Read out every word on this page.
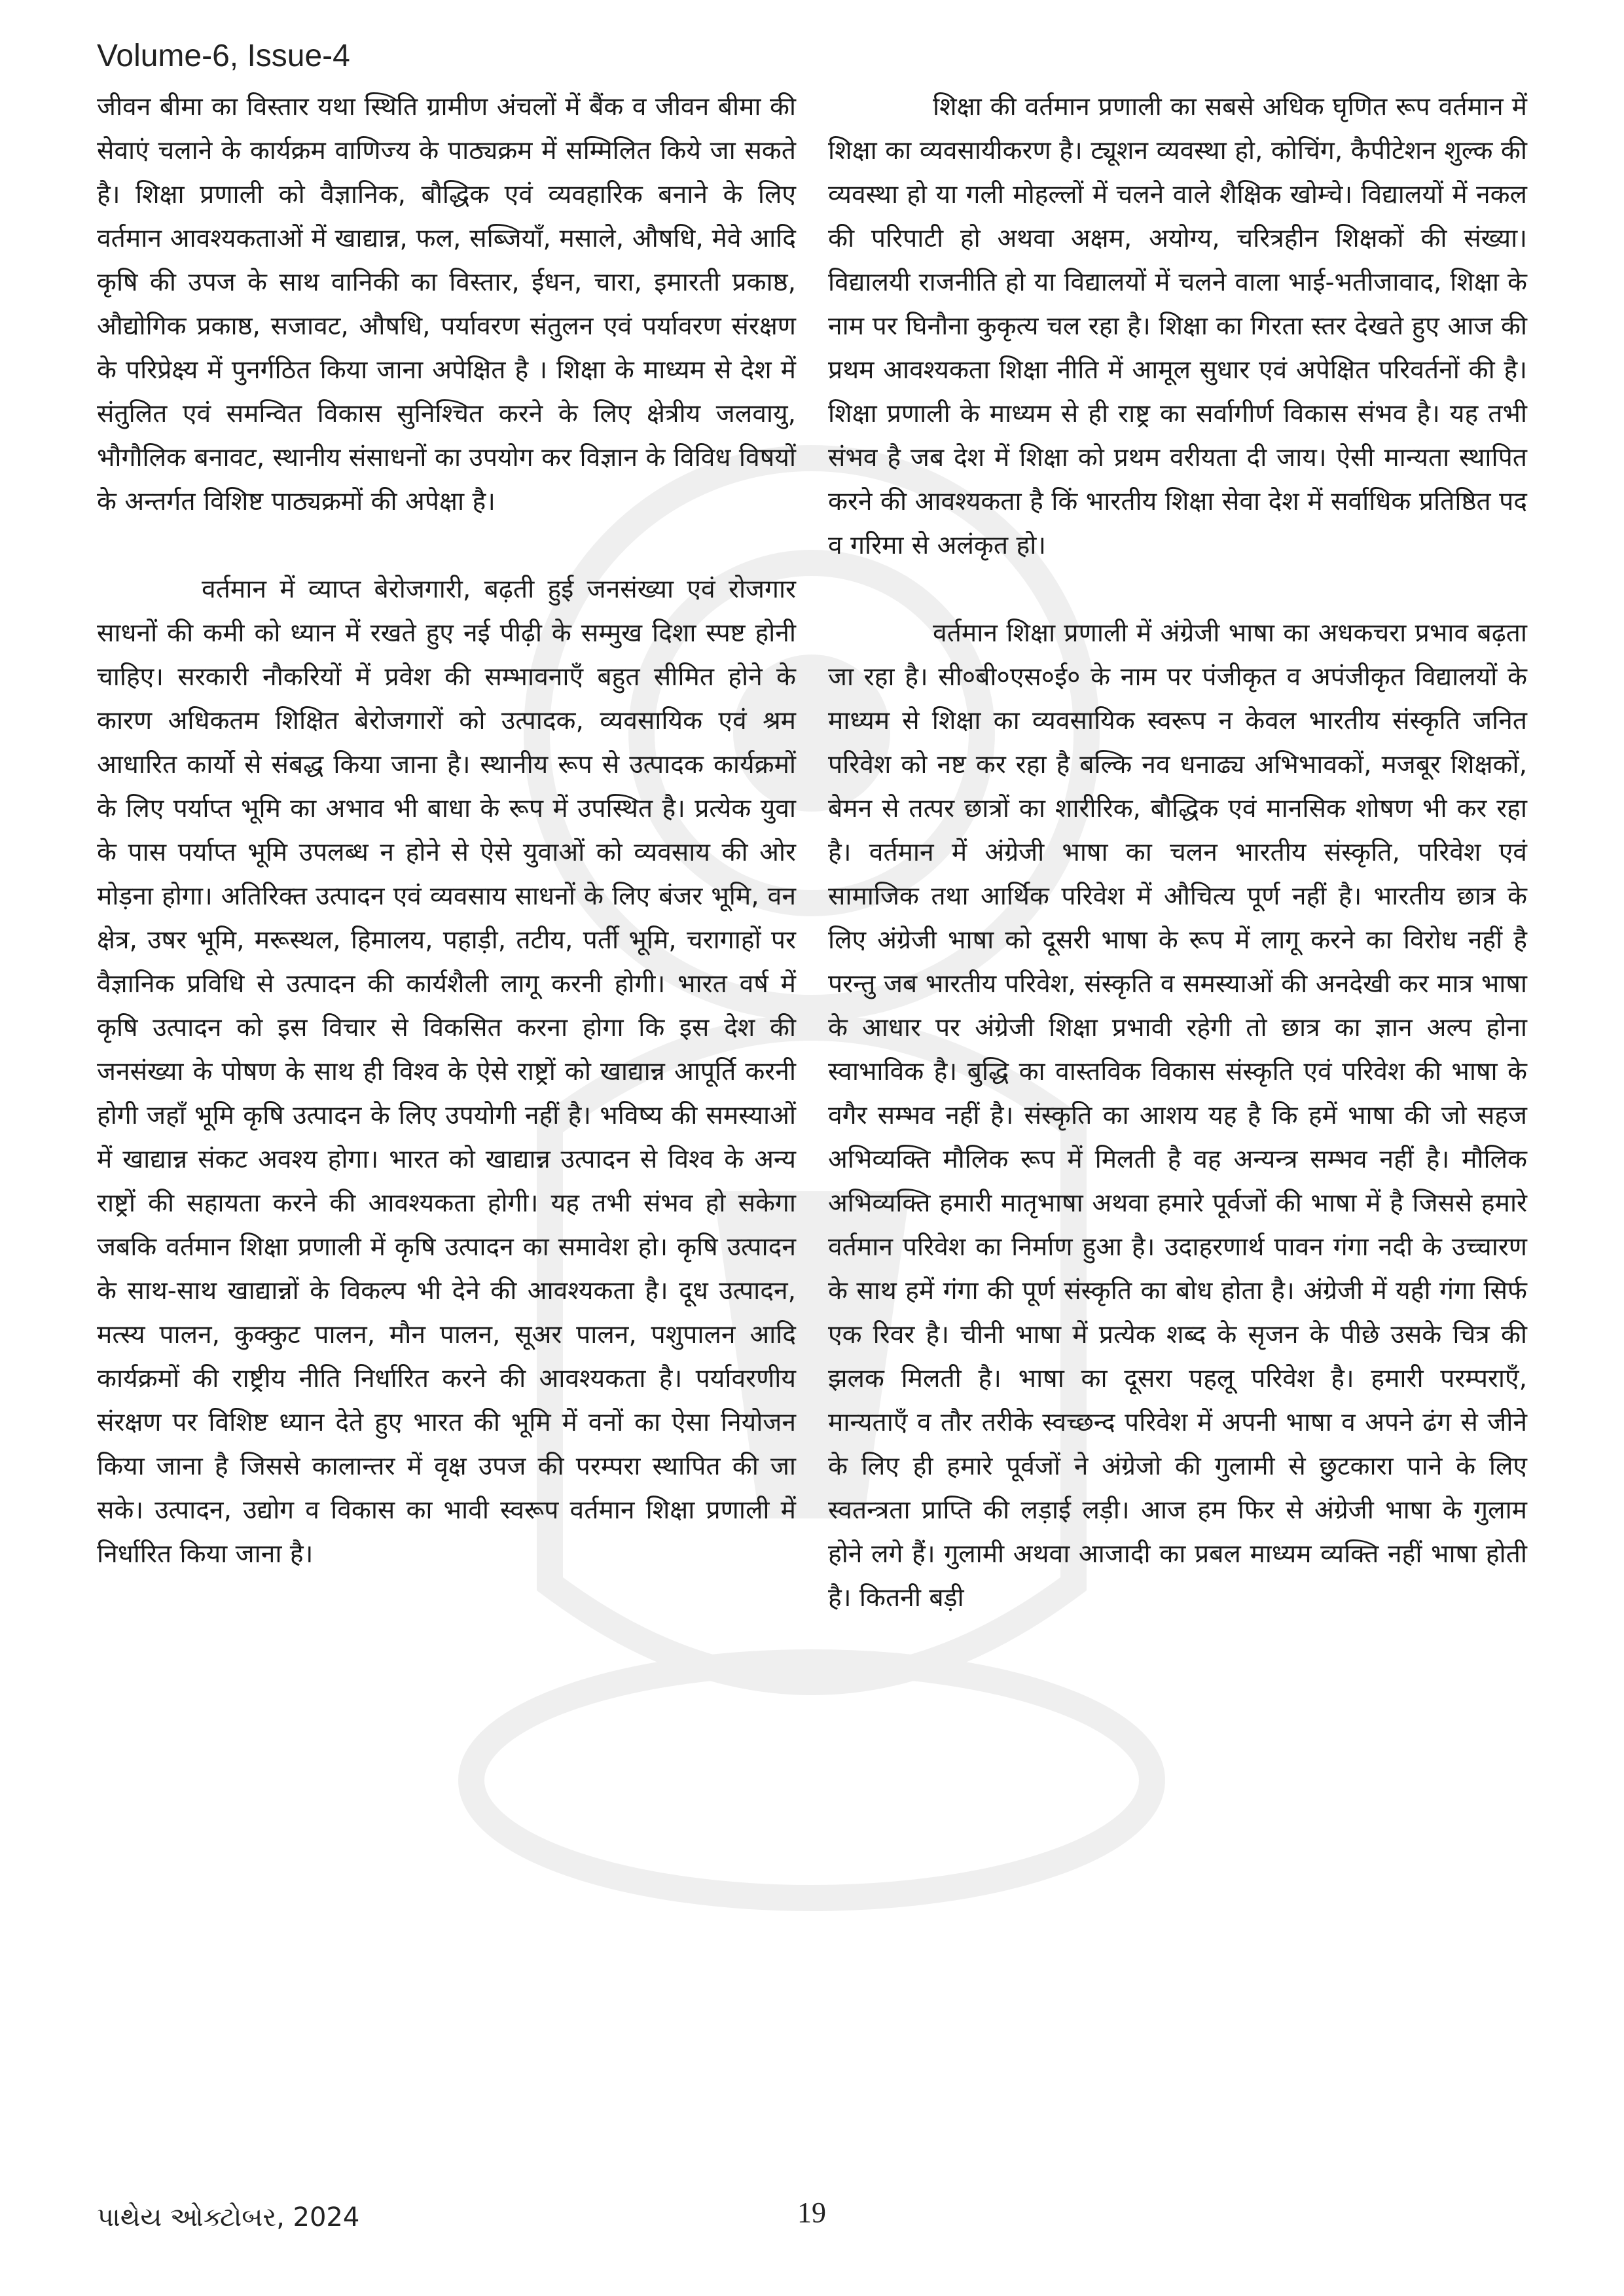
Volume-6, Issue-4

जीवन बीमा का विस्तार यथा स्थिति ग्रामीण अंचलों में बैंक व जीवन बीमा की सेवाएं चलाने के कार्यक्रम वाणिज्य के पाठ्यक्रम में सम्मिलित किये जा सकते है। शिक्षा प्रणाली को वैज्ञानिक, बौद्धिक एवं व्यवहारिक बनाने के लिए वर्तमान आवश्यकताओं में खाद्यान्न, फल, सब्जियाँ, मसाले, औषधि, मेवे आदि कृषि की उपज के साथ वानिकी का विस्तार, ईधन, चारा, इमारती प्रकाष्ठ, औद्योगिक प्रकाष्ठ, सजावट, औषधि, पर्यावरण संतुलन एवं पर्यावरण संरक्षण के परिप्रेक्ष्य में पुनर्गठित किया जाना अपेक्षित है । शिक्षा के माध्यम से देश में संतुलित एवं समन्वित विकास सुनिश्चित करने के लिए क्षेत्रीय जलवायु, भौगौलिक बनावट, स्थानीय संसाधनों का उपयोग कर विज्ञान के विविध विषयों के अन्तर्गत विशिष्ट पाठ्यक्रमों की अपेक्षा है।

वर्तमान में व्याप्त बेरोजगारी, बढ़ती हुई जनसंख्या एवं रोजगार साधनों की कमी को ध्यान में रखते हुए नई पीढ़ी के सम्मुख दिशा स्पष्ट होनी चाहिए। सरकारी नौकरियों में प्रवेश की सम्भावनाएँ बहुत सीमित होने के कारण अधिकतम शिक्षित बेरोजगारों को उत्पादक, व्यवसायिक एवं श्रम आधारित कार्यो से संबद्ध किया जाना है। स्थानीय रूप से उत्पादक कार्यक्रमों के लिए पर्याप्त भूमि का अभाव भी बाधा के रूप में उपस्थित है। प्रत्येक युवा के पास पर्याप्त भूमि उपलब्ध न होने से ऐसे युवाओं को व्यवसाय की ओर मोड़ना होगा। अतिरिक्त उत्पादन एवं व्यवसाय साधनों के लिए बंजर भूमि, वन क्षेत्र, उषर भूमि, मरूस्थल, हिमालय, पहाड़ी, तटीय, पर्ती भूमि, चरागाहों पर वैज्ञानिक प्रविधि से उत्पादन की कार्यशैली लागू करनी होगी। भारत वर्ष में कृषि उत्पादन को इस विचार से विकसित करना होगा कि इस देश की जनसंख्या के पोषण के साथ ही विश्व के ऐसे राष्ट्रों को खाद्यान्न आपूर्ति करनी होगी जहाँ भूमि कृषि उत्पादन के लिए उपयोगी नहीं है। भविष्य की समस्याओं में खाद्यान्न संकट अवश्य होगा। भारत को खाद्यान्न उत्पादन से विश्व के अन्य राष्ट्रों की सहायता करने की आवश्यकता होगी। यह तभी संभव हो सकेगा जबकि वर्तमान शिक्षा प्रणाली में कृषि उत्पादन का समावेश हो। कृषि उत्पादन के साथ-साथ खाद्यान्नों के विकल्प भी देने की आवश्यकता है। दूध उत्पादन, मत्स्य पालन, कुक्कुट पालन, मौन पालन, सूअर पालन, पशुपालन आदि कार्यक्रमों की राष्ट्रीय नीति निर्धारित करने की आवश्यकता है। पर्यावरणीय संरक्षण पर विशिष्ट ध्यान देते हुए भारत की भूमि में वनों का ऐसा नियोजन किया जाना है जिससे कालान्तर में वृक्ष उपज की परम्परा स्थापित की जा सके। उत्पादन, उद्योग व विकास का भावी स्वरूप वर्तमान शिक्षा प्रणाली में निर्धारित किया जाना है।

शिक्षा की वर्तमान प्रणाली का सबसे अधिक घृणित रूप वर्तमान में शिक्षा का व्यवसायीकरण है। ट्यूशन व्यवस्था हो, कोचिंग, कैपीटेशन शुल्क की व्यवस्था हो या गली मोहल्लों में चलने वाले शैक्षिक खोम्चे। विद्यालयों में नकल की परिपाटी हो अथवा अक्षम, अयोग्य, चरित्रहीन शिक्षकों की संख्या। विद्यालयी राजनीति हो या विद्यालयों में चलने वाला भाई-भतीजावाद, शिक्षा के नाम पर घिनौना कुकृत्य चल रहा है। शिक्षा का गिरता स्तर देखते हुए आज की प्रथम आवश्यकता शिक्षा नीति में आमूल सुधार एवं अपेक्षित परिवर्तनों की है। शिक्षा प्रणाली के माध्यम से ही राष्ट्र का सर्वागीर्ण विकास संभव है। यह तभी संभव है जब देश में शिक्षा को प्रथम वरीयता दी जाय। ऐसी मान्यता स्थापित करने की आवश्यकता है किं भारतीय शिक्षा सेवा देश में सर्वाधिक प्रतिष्ठित पद व गरिमा से अलंकृत हो।

वर्तमान शिक्षा प्रणाली में अंग्रेजी भाषा का अधकचरा प्रभाव बढ़ता जा रहा है। सी०बी०एस०ई० के नाम पर पंजीकृत व अपंजीकृत विद्यालयों के माध्यम से शिक्षा का व्यवसायिक स्वरूप न केवल भारतीय संस्कृति जनित परिवेश को नष्ट कर रहा है बल्कि नव धनाढ्य अभिभावकों, मजबूर शिक्षकों, बेमन से तत्पर छात्रों का शारीरिक, बौद्धिक एवं मानसिक शोषण भी कर रहा है। वर्तमान में अंग्रेजी भाषा का चलन भारतीय संस्कृति, परिवेश एवं सामाजिक तथा आर्थिक परिवेश में औचित्य पूर्ण नहीं है। भारतीय छात्र के लिए अंग्रेजी भाषा को दूसरी भाषा के रूप में लागू करने का विरोध नहीं है परन्तु जब भारतीय परिवेश, संस्कृति व समस्याओं की अनदेखी कर मात्र भाषा के आधार पर अंग्रेजी शिक्षा प्रभावी रहेगी तो छात्र का ज्ञान अल्प होना स्वाभाविक है। बुद्धि का वास्तविक विकास संस्कृति एवं परिवेश की भाषा के वगैर सम्भव नहीं है। संस्कृति का आशय यह है कि हमें भाषा की जो सहज अभिव्यक्ति मौलिक रूप में मिलती है वह अन्यन्त्र सम्भव नहीं है। मौलिक अभिव्यक्ति हमारी मातृभाषा अथवा हमारे पूर्वजों की भाषा में है जिससे हमारे वर्तमान परिवेश का निर्माण हुआ है। उदाहरणार्थ पावन गंगा नदी के उच्चारण के साथ हमें गंगा की पूर्ण संस्कृति का बोध होता है। अंग्रेजी में यही गंगा सिर्फ एक रिवर है। चीनी भाषा में प्रत्येक शब्द के सृजन के पीछे उसके चित्र की झलक मिलती है। भाषा का दूसरा पहलू परिवेश है। हमारी परम्पराएँ, मान्यताएँ व तौर तरीके स्वच्छन्द परिवेश में अपनी भाषा व अपने ढंग से जीने के लिए ही हमारे पूर्वजों ने अंग्रेजो की गुलामी से छुटकारा पाने के लिए स्वतन्त्रता प्राप्ति की लड़ाई लड़ी। आज हम फिर से अंग्रेजी भाषा के गुलाम होने लगे हैं। गुलामी अथवा आजादी का प्रबल माध्यम व्यक्ति नहीं भाषा होती है। कितनी बड़ी

પાથેય ઓક્ટોબર, 2024	19
